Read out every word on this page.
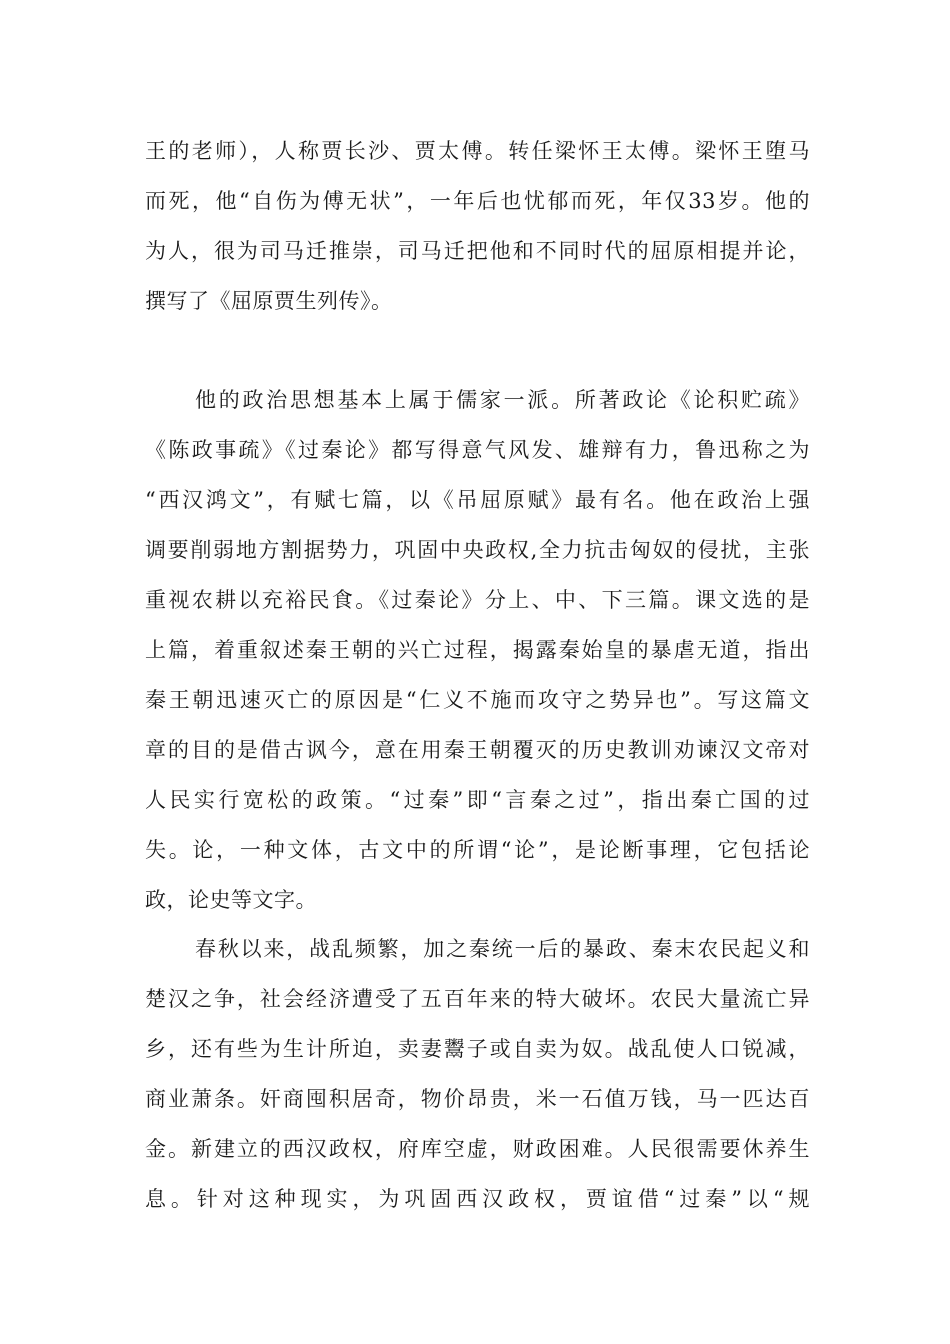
王的老师），人称贾长沙、贾太傅。转任梁怀王太傅。梁怀王堕马
而死，他“自伤为傅无状”，一年后也忧郁而死，年仅33岁。他的
为人，很为司马迁推崇，司马迁把他和不同时代的屈原相提并论，
撰写了《屈原贾生列传》。
他的政治思想基本上属于儒家一派。所著政论《论积贮疏》
《陈政事疏》《过秦论》都写得意气风发、雄辩有力，鲁迅称之为
“西汉鸿文”，有赋七篇，以《吊屈原赋》最有名。他在政治上强
调要削弱地方割据势力，巩固中央政权,全力抗击匈奴的侵扰，主张
重视农耕以充裕民食。《过秦论》分上、中、下三篇。课文选的是
上篇，着重叙述秦王朝的兴亡过程，揭露秦始皇的暴虐无道，指出
秦王朝迅速灭亡的原因是“仁义不施而攻守之势异也”。写这篇文
章的目的是借古讽今，意在用秦王朝覆灭的历史教训劝谏汉文帝对
人民实行宽松的政策。“过秦”即“言秦之过”，指出秦亡国的过
失。论，一种文体，古文中的所谓“论”，是论断事理，它包括论
政，论史等文字。
春秋以来，战乱频繁，加之秦统一后的暴政、秦末农民起义和
楚汉之争，社会经济遭受了五百年来的特大破坏。农民大量流亡异
乡，还有些为生计所迫，卖妻鬻子或自卖为奴。战乱使人口锐减，
商业萧条。奸商囤积居奇，物价昂贵，米一石值万钱，马一匹达百
金。新建立的西汉政权，府库空虚，财政困难。人民很需要休养生
息。针对这种现实，为巩固西汉政权，贾谊借“过秦”以“规
